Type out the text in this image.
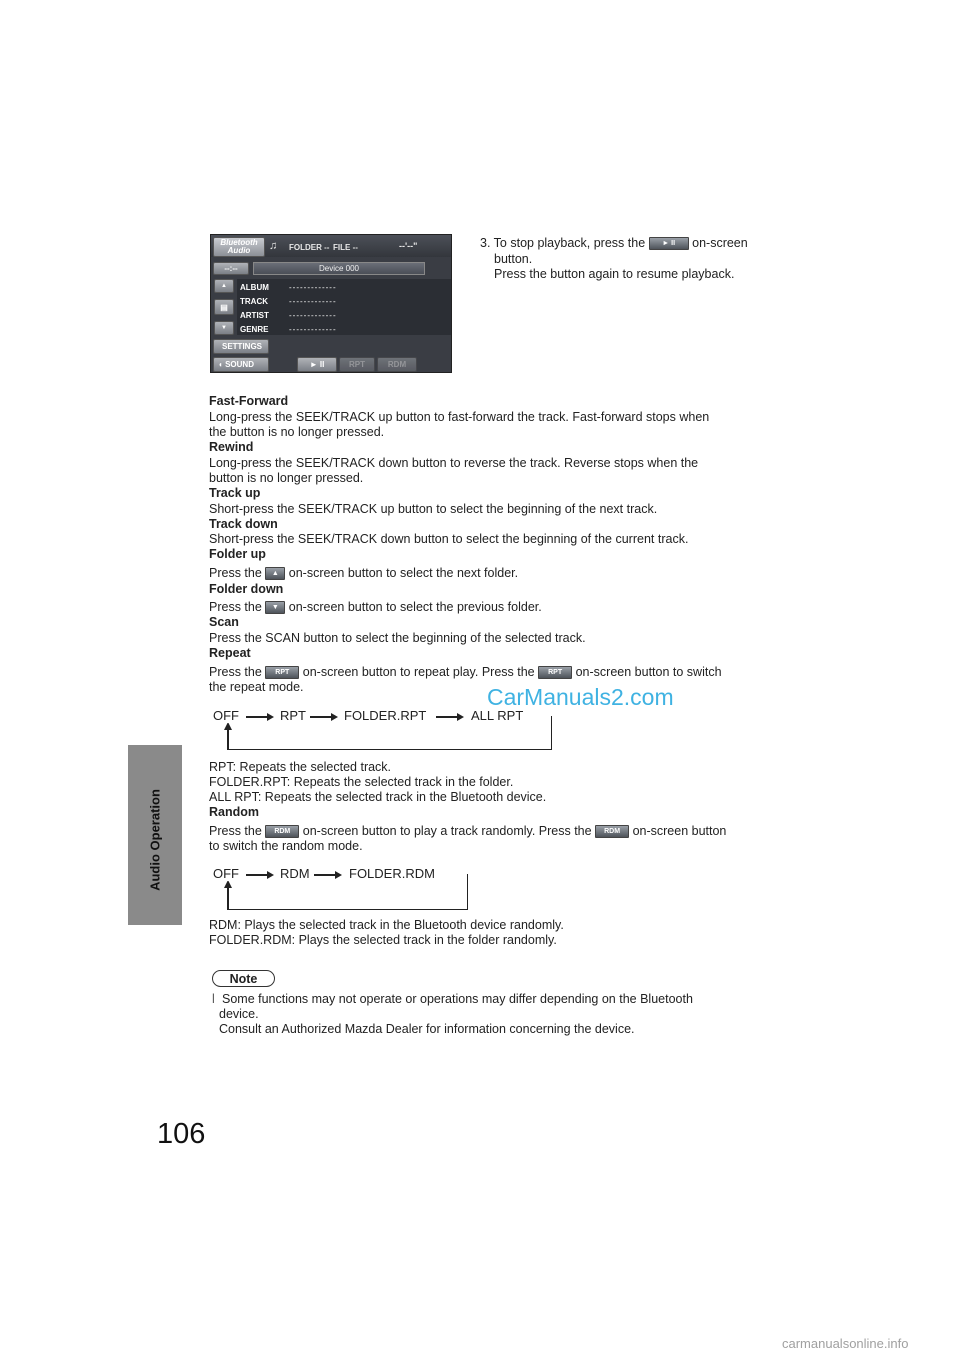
Audio Operation
106
Bluetooth
Audio ♫ FOLDER -- FILE --	--'--"
--:--	Device 000
▲
▤
▼
ALBUM
TRACK
ARTIST
GENRE
-------------
-------------
-------------
-------------
SETTINGS
◖
SOUND	► II	RPT	RDM
3. To stop playback, press the ► II on-screen
button.
Press the button again to resume playback.
Fast-Forward
Long-press the SEEK/TRACK up button to fast-forward the track. Fast-forward stops when
the button is no longer pressed.
Rewind
Long-press the SEEK/TRACK down button to reverse the track. Reverse stops when the
button is no longer pressed.
Track up
Short-press the SEEK/TRACK up button to select the beginning of the next track.
Track down
Short-press the SEEK/TRACK down button to select the beginning of the current track.
Folder up
Press the ▲ on-screen button to select the next folder.
Folder down
Press the ▼ on-screen button to select the previous folder.
Scan
Press the SCAN button to select the beginning of the selected track.
Repeat
Press the RPT on-screen button to repeat play. Press the RPT on-screen button to switch
the repeat mode.
OFF	RPT	FOLDER.RPT	ALL RPT
RPT: Repeats the selected track.
FOLDER.RPT: Repeats the selected track in the folder.
ALL RPT: Repeats the selected track in the Bluetooth device.
Random
Press the RDM on-screen button to play a track randomly. Press the RDM on-screen button
to switch the random mode.
OFF	RDM	FOLDER.RDM
RDM: Plays the selected track in the Bluetooth device randomly.
FOLDER.RDM: Plays the selected track in the folder randomly.
Note
l Some functions may not operate or operations may differ depending on the Bluetooth
device.
Consult an Authorized Mazda Dealer for information concerning the device.
CarManuals2.com
carmanualsonline.info
